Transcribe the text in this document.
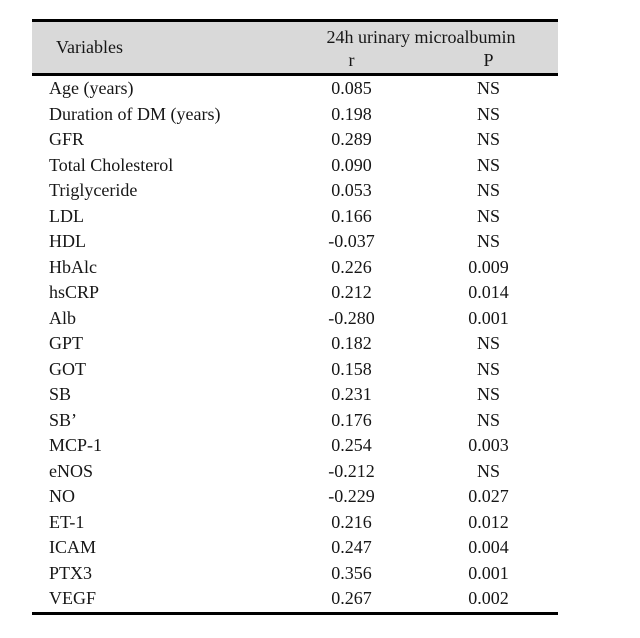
Variables	24h urinary microalbumin	
	r	P
Age (years)	0.085	NS
Duration of DM (years)	0.198	NS
GFR	0.289	NS
Total Cholesterol	0.090	NS
Triglyceride	0.053	NS
LDL	0.166	NS
HDL	-0.037	NS
HbAlc	0.226	0.009
hsCRP	0.212	0.014
Alb	-0.280	0.001
GPT	0.182	NS
GOT	0.158	NS
SB	0.231	NS
SB’	0.176	NS
MCP-1	0.254	0.003
eNOS	-0.212	NS
NO	-0.229	0.027
ET-1	0.216	0.012
ICAM	0.247	0.004
PTX3	0.356	0.001
VEGF	0.267	0.002
